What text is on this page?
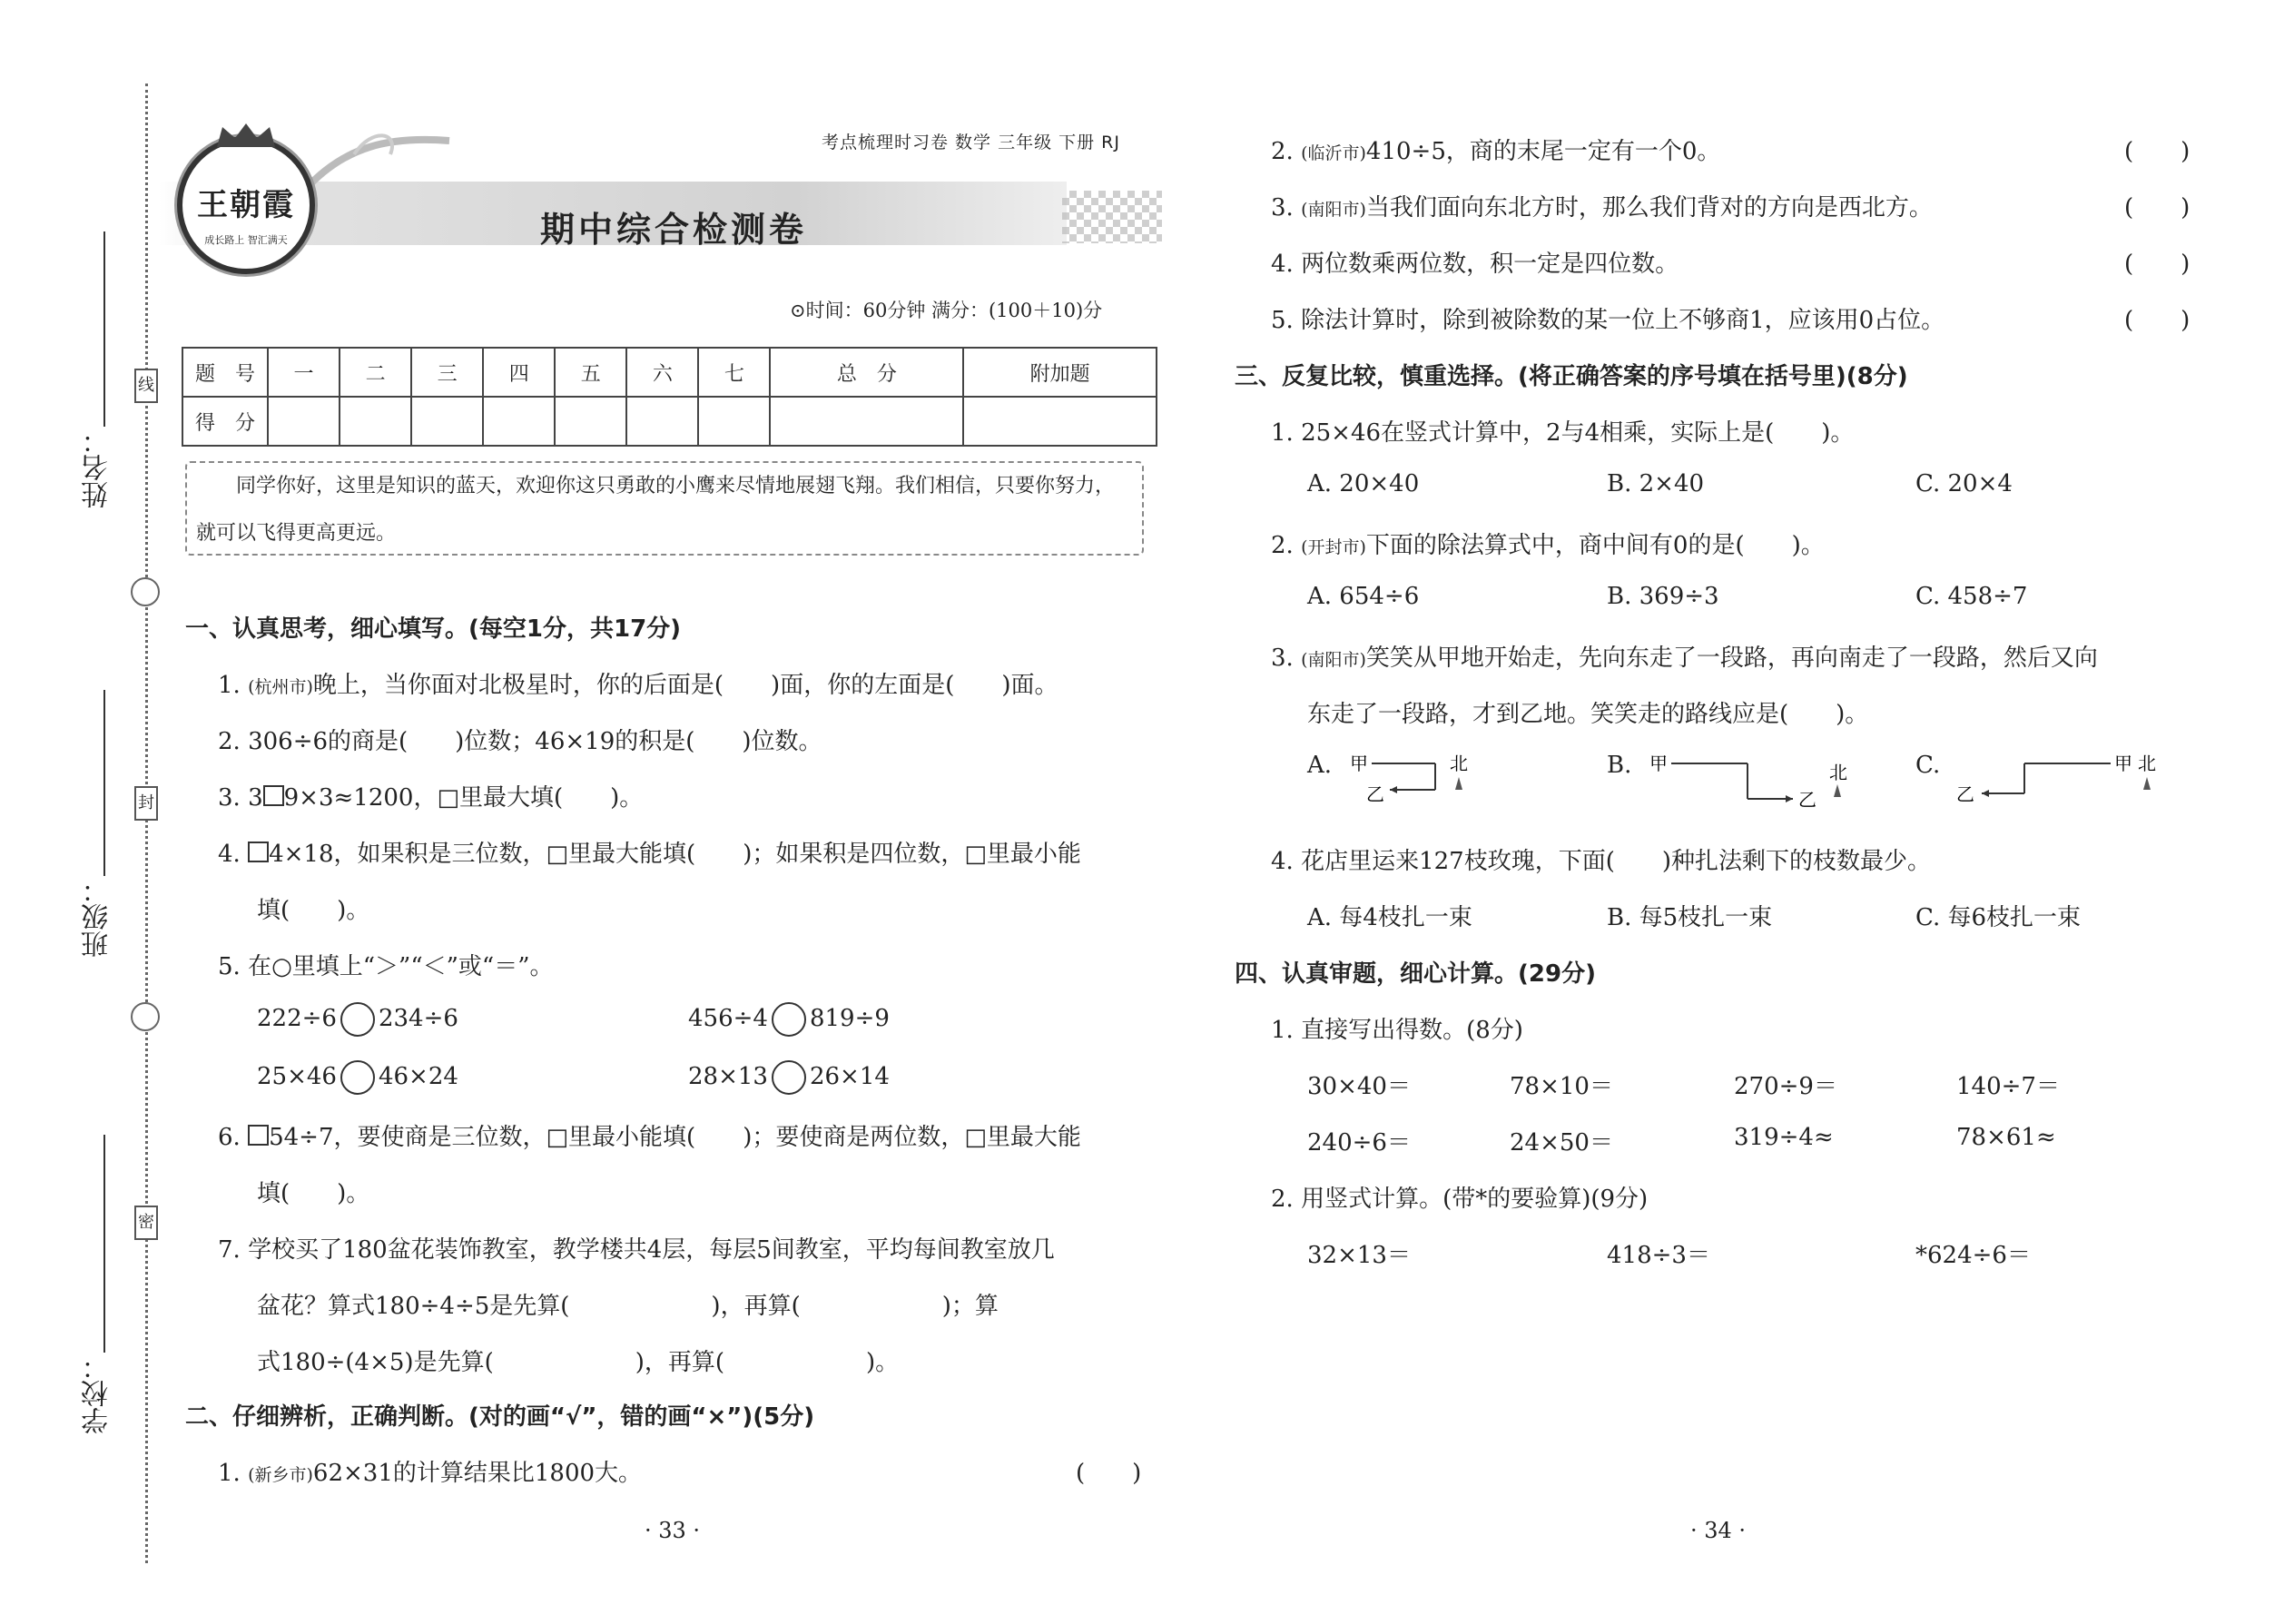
姓名：
班级：
学校：
线
封
密
王朝霞
成长路上 智汇满天
考点梳理时习卷 数学 三年级 下册 RJ
期中综合检测卷
⊙时间：60分钟 满分：(100＋10)分
题　号	一	二	三	四	五	六	七	总　分	附加题
得　分									
同学你好，这里是知识的蓝天，欢迎你这只勇敢的小鹰来尽情地展翅飞翔。我们相信，只要你努力，就可以飞得更高更远。
一、认真思考，细心填写。(每空1分，共17分)
1. (杭州市)晚上，当你面对北极星时，你的后面是(　　)面，你的左面是(　　)面。
2. 306÷6的商是(　　)位数；46×19的积是(　　)位数。
3. 3 9×3≈1200，□里最大填(　　)。
4. 4×18，如果积是三位数，□里最大能填(　　)；如果积是四位数，□里最小能
填(　　)。
5. 在○里填上“＞”“＜”或“＝”。
222÷6 234÷6	456÷4 819÷9
25×46 46×24	28×13 26×14
6. 54÷7，要使商是三位数，□里最小能填(　　)；要使商是两位数，□里最大能
填(　　)。
7. 学校买了180盆花装饰教室，教学楼共4层，每层5间教室，平均每间教室放几
盆花？算式180÷4÷5是先算(　　　　　　)，再算(　　　　　　)；算
式180÷(4×5)是先算(　　　　　　)，再算(　　　　　　)。
二、仔细辨析，正确判断。(对的画“√”，错的画“×”)(5分)
1. (新乡市)62×31的计算结果比1800大。	(　　)
· 33 ·
2. (临沂市)410÷5，商的末尾一定有一个0。	(　　)
3. (南阳市)当我们面向东北方时，那么我们背对的方向是西北方。	(　　)
4. 两位数乘两位数，积一定是四位数。	(　　)
5. 除法计算时，除到被除数的某一位上不够商1，应该用0占位。	(　　)
三、反复比较，慎重选择。(将正确答案的序号填在括号里)(8分)
1. 25×46在竖式计算中，2与4相乘，实际上是(　　)。
A. 20×40	B. 2×40	C. 20×4
2. (开封市)下面的除法算式中，商中间有0的是(　　)。
A. 654÷6	B. 369÷3	C. 458÷7
3. (南阳市)笑笑从甲地开始走，先向东走了一段路，再向南走了一段路，然后又向
东走了一段路，才到乙地。笑笑走的路线应是(　　)。
A. 甲
乙
北	B. 甲
乙
北	C.
乙
甲 北
4. 花店里运来127枝玫瑰，下面(　　)种扎法剩下的枝数最少。
A. 每4枝扎一束	B. 每5枝扎一束	C. 每6枝扎一束
四、认真审题，细心计算。(29分)
1. 直接写出得数。(8分)
30×40＝	78×10＝	270÷9＝	140÷7＝
240÷6＝	24×50＝	319÷4≈	78×61≈
2. 用竖式计算。(带*的要验算)(9分)
32×13＝	418÷3＝	*624÷6＝
· 34 ·
